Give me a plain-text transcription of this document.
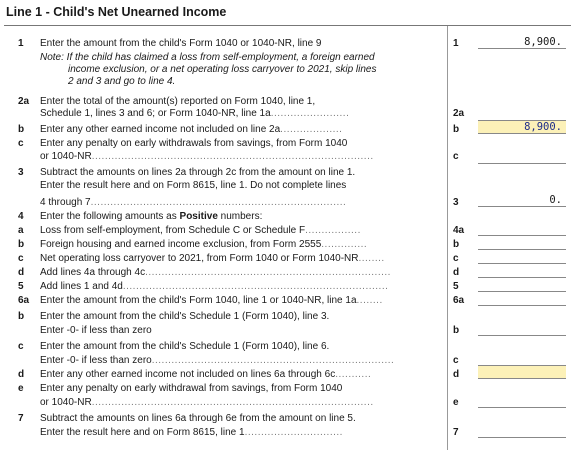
Line 1 - Child's Net Unearned Income
1	Enter the amount from the child's Form 1040 or 1040-NR, line 9	1	8,900.
Note: If the child has claimed a loss from self-employment, a foreign earned
income exclusion, or a net operating loss carryover to 2021, skip lines
2 and 3 and go to line 4.
2a	Enter the total of the amount(s) reported on Form 1040, line 1,
Schedule 1, lines 3 and 6; or Form 1040-NR, line 1a........................	2a
b	Enter any other earned income not included on line 2a...................	b	8,900.
c	Enter any penalty on early withdrawals from savings, from Form 1040
or 1040-NR......................................................................................	c
3	Subtract the amounts on lines 2a through 2c from the amount on line 1.
Enter the result here and on Form 8615, line 1. Do not complete lines
4 through 7..............................................................................	3	0.
4	Enter the following amounts as Positive numbers:
a	Loss from self-employment, from Schedule C or Schedule F.................	4a
b	Foreign housing and earned income exclusion, from Form 2555..............	b
c	Net operating loss carryover to 2021, from Form 1040 or Form 1040-NR........	c
d	Add lines 4a through 4c...........................................................................	d
5	Add lines 1 and 4d.................................................................................	5
6a	Enter the amount from the child's Form 1040, line 1 or 1040-NR, line 1a........	6a
b	Enter the amount from the child's Schedule 1 (Form 1040), line 3.
Enter -0- if less than zero	b
c	Enter the amount from the child's Schedule 1 (Form 1040), line 6.
Enter -0- if less than zero..........................................................................	c
d	Enter any other earned income not included on lines 6a through 6c...........	d
e	Enter any penalty on early withdrawal from savings, from Form 1040
or 1040-NR......................................................................................	e
7	Subtract the amounts on lines 6a through 6e from the amount on line 5.
Enter the result here and on Form 8615, line 1..............................	7
